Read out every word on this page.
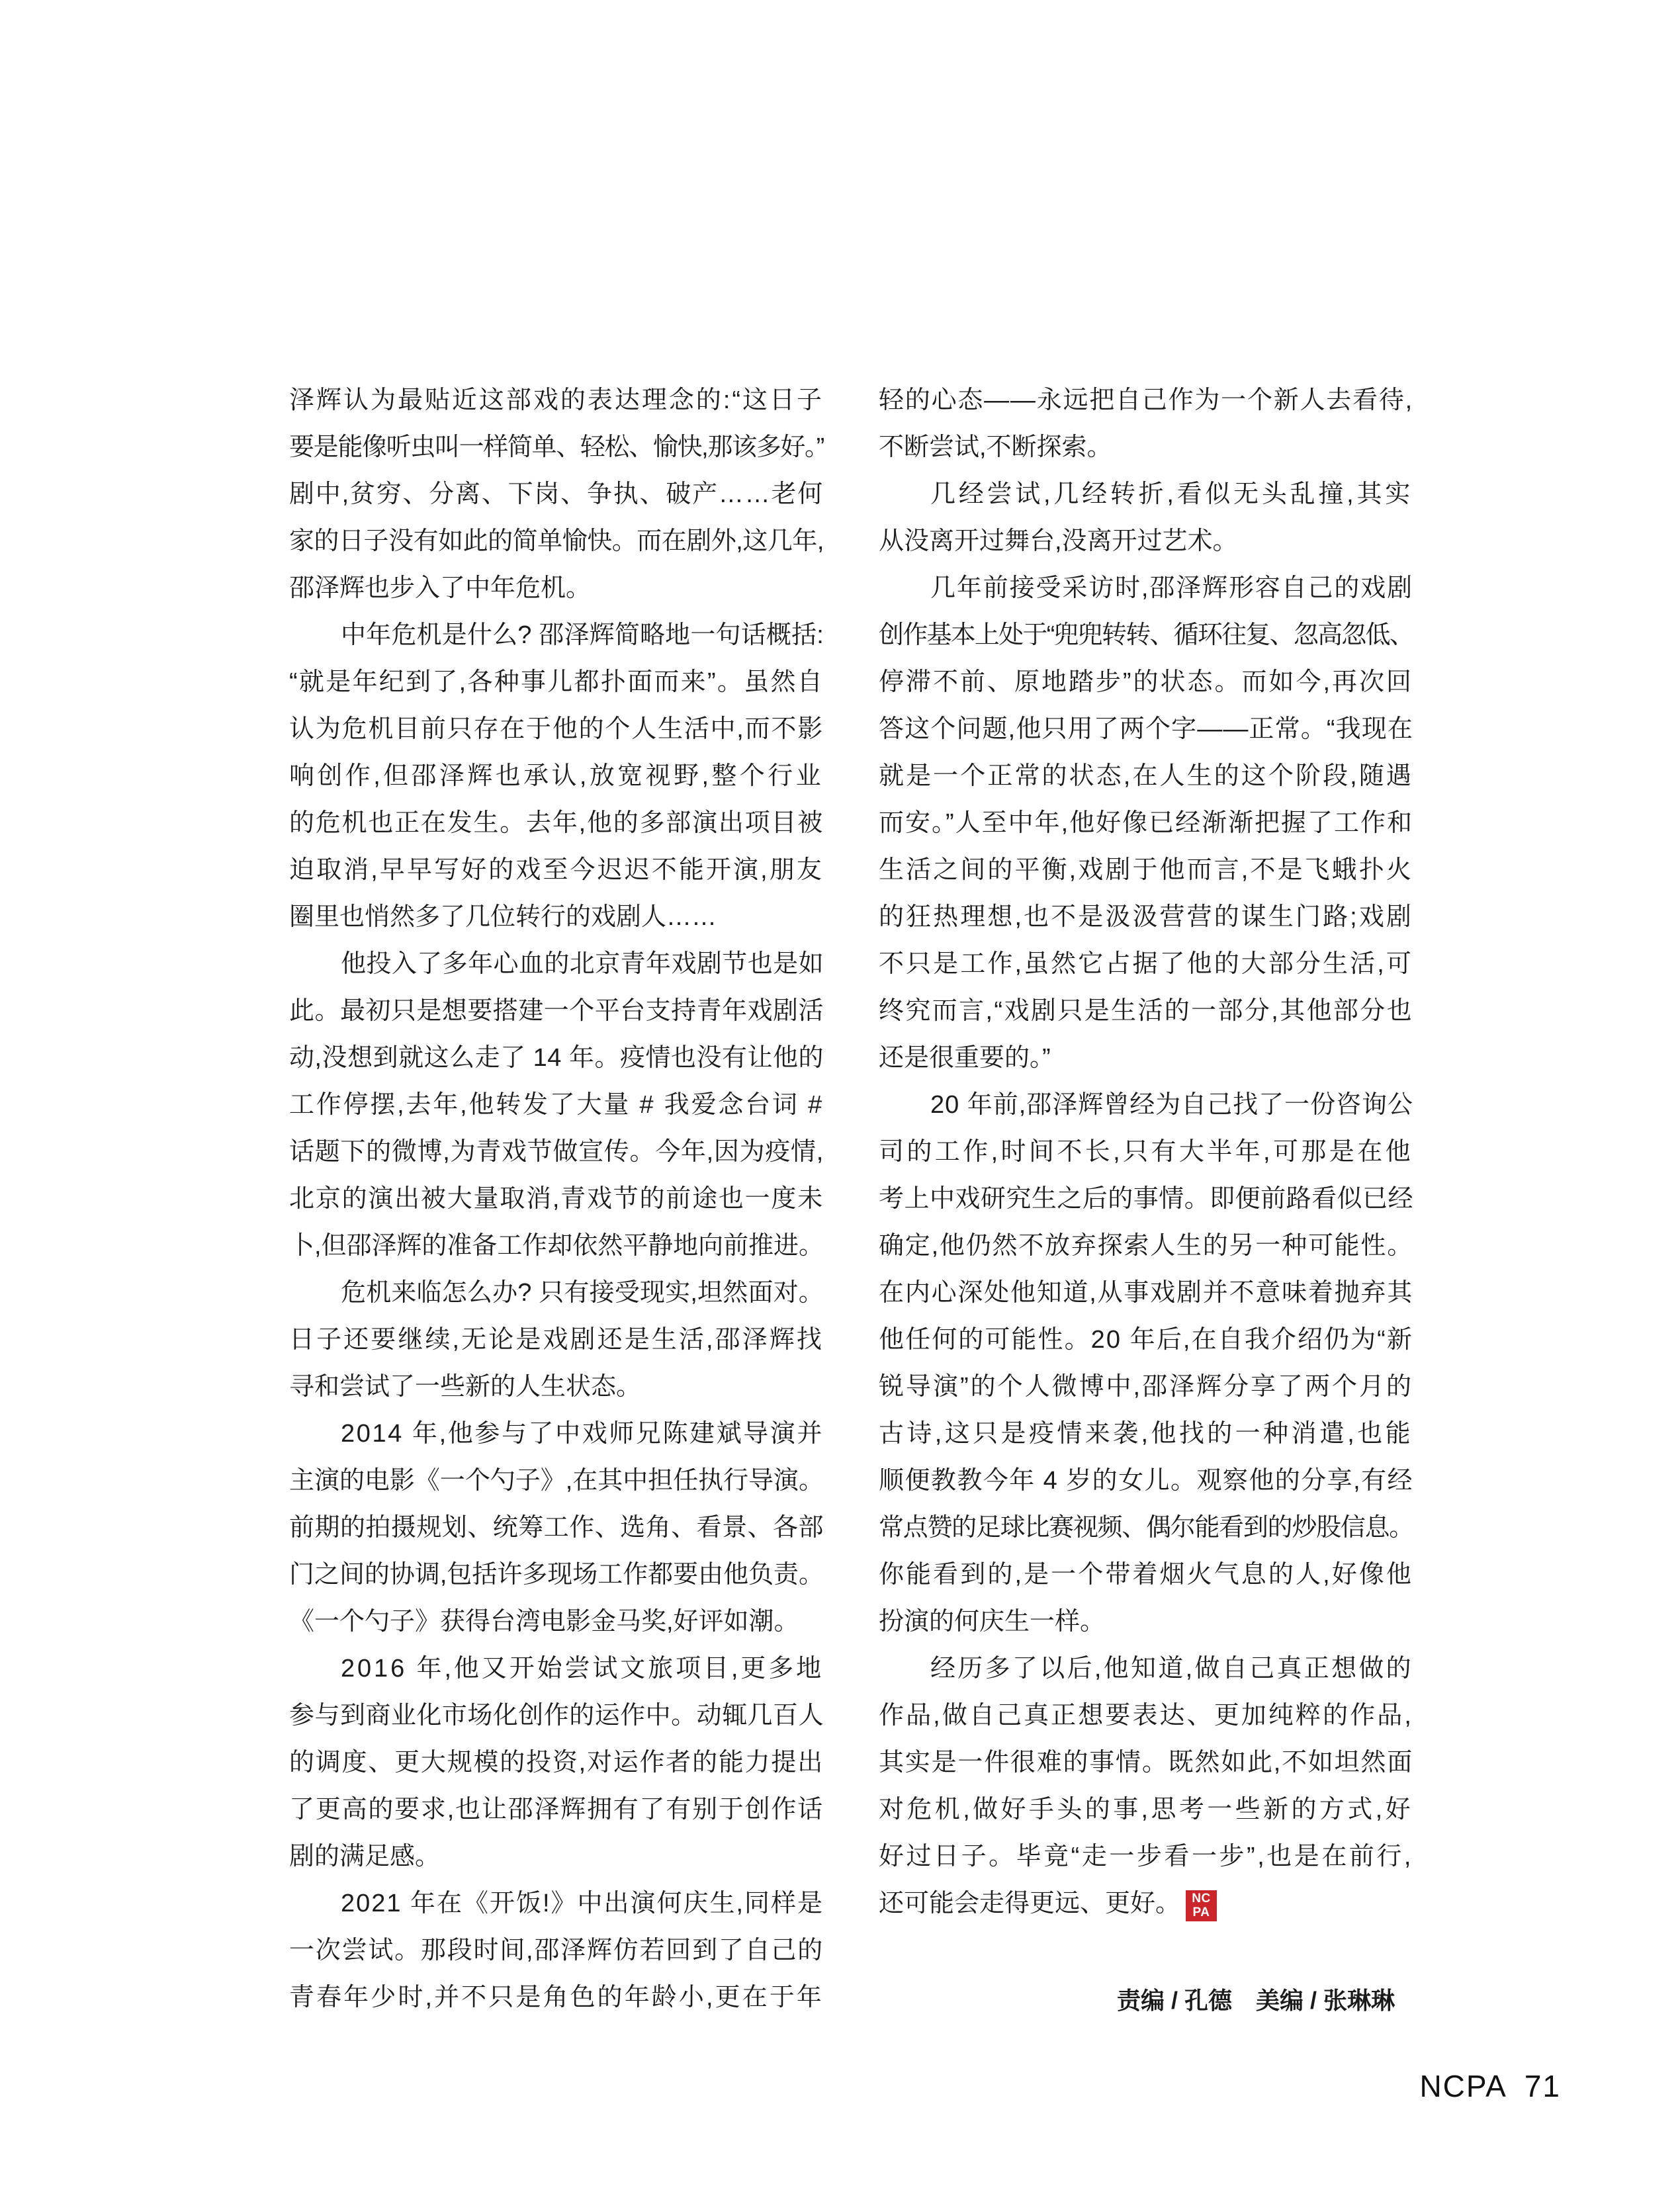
泽辉认为最贴近这部戏的表达理念的:“这日子
要是能像听虫叫一样简单、轻松、愉快,那该多好。”
剧中,贫穷、分离、下岗、争执、破产……老何
家的日子没有如此的简单愉快。而在剧外,这几年,
邵泽辉也步入了中年危机。
中年危机是什么? 邵泽辉简略地一句话概括:
“就是年纪到了,各种事儿都扑面而来”。虽然自
认为危机目前只存在于他的个人生活中,而不影
响创作,但邵泽辉也承认,放宽视野,整个行业
的危机也正在发生。去年,他的多部演出项目被
迫取消,早早写好的戏至今迟迟不能开演,朋友
圈里也悄然多了几位转行的戏剧人……
他投入了多年心血的北京青年戏剧节也是如
此。最初只是想要搭建一个平台支持青年戏剧活
动,没想到就这么走了 14 年。疫情也没有让他的
工作停摆,去年,他转发了大量 # 我爱念台词 #
话题下的微博,为青戏节做宣传。今年,因为疫情,
北京的演出被大量取消,青戏节的前途也一度未
卜,但邵泽辉的准备工作却依然平静地向前推进。
危机来临怎么办? 只有接受现实,坦然面对。
日子还要继续,无论是戏剧还是生活,邵泽辉找
寻和尝试了一些新的人生状态。
2014 年,他参与了中戏师兄陈建斌导演并
主演的电影《一个勺子》,在其中担任执行导演。
前期的拍摄规划、统筹工作、选角、看景、各部
门之间的协调,包括许多现场工作都要由他负责。
《一个勺子》获得台湾电影金马奖,好评如潮。
2016 年,他又开始尝试文旅项目,更多地
参与到商业化市场化创作的运作中。动辄几百人
的调度、更大规模的投资,对运作者的能力提出
了更高的要求,也让邵泽辉拥有了有别于创作话
剧的满足感。
2021 年在《开饭!》中出演何庆生,同样是
一次尝试。那段时间,邵泽辉仿若回到了自己的
青春年少时,并不只是角色的年龄小,更在于年
轻的心态——永远把自己作为一个新人去看待,
不断尝试,不断探索。
几经尝试,几经转折,看似无头乱撞,其实
从没离开过舞台,没离开过艺术。
几年前接受采访时,邵泽辉形容自己的戏剧
创作基本上处于“兜兜转转、循环往复、忽高忽低、
停滞不前、原地踏步”的状态。而如今,再次回
答这个问题,他只用了两个字——正常。“我现在
就是一个正常的状态,在人生的这个阶段,随遇
而安。”人至中年,他好像已经渐渐把握了工作和
生活之间的平衡,戏剧于他而言,不是飞蛾扑火
的狂热理想,也不是汲汲营营的谋生门路;戏剧
不只是工作,虽然它占据了他的大部分生活,可
终究而言,“戏剧只是生活的一部分,其他部分也
还是很重要的。”
20 年前,邵泽辉曾经为自己找了一份咨询公
司的工作,时间不长,只有大半年,可那是在他
考上中戏研究生之后的事情。即便前路看似已经
确定,他仍然不放弃探索人生的另一种可能性。
在内心深处他知道,从事戏剧并不意味着抛弃其
他任何的可能性。20 年后,在自我介绍仍为“新
锐导演”的个人微博中,邵泽辉分享了两个月的
古诗,这只是疫情来袭,他找的一种消遣,也能
顺便教教今年 4 岁的女儿。观察他的分享,有经
常点赞的足球比赛视频、偶尔能看到的炒股信息。
你能看到的,是一个带着烟火气息的人,好像他
扮演的何庆生一样。
经历多了以后,他知道,做自己真正想做的
作品,做自己真正想要表达、更加纯粹的作品,
其实是一件很难的事情。既然如此,不如坦然面
对危机,做好手头的事,思考一些新的方式,好
好过日子。毕竟“走一步看一步”,也是在前行,
还可能会走得更远、更好。 NC
PA
责编 / 孔德　美编 / 张琳琳
NCPA 71
